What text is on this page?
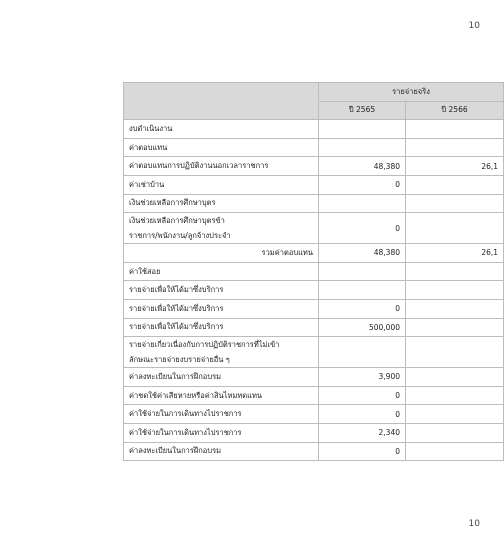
10
	รายจ่ายจริง	
	ปี 2565	ปี 2566
งบดำเนินงาน		
ค่าตอบแทน		
ค่าตอบแทนการปฏิบัติงานนอกเวลาราชการ	48,380	26,1
ค่าเช่าบ้าน	0	
เงินช่วยเหลือการศึกษาบุตร		

เงินช่วยเหลือการศึกษาบุตรข้า
ราชการ/พนักงาน/ลูกจ้างประจำ	0	
รวมค่าตอบแทน	48,380	26,1
ค่าใช้สอย		
รายจ่ายเพื่อให้ได้มาซึ่งบริการ		
รายจ่ายเพื่อให้ได้มาซึ่งบริการ	0	
รายจ่ายเพื่อให้ได้มาซึ่งบริการ	500,000	

รายจ่ายเกี่ยวเนื่องกับการปฏิบัติราชการที่ไม่เข้า
ลักษณะรายจ่ายงบรายจ่ายอื่น ๆ		

ค่าลงทะเบียนในการฝึกอบรม	3,900	
ค่าชดใช้ค่าเสียหายหรือค่าสินไหมทดแทน	0	
ค่าใช้จ่ายในการเดินทางไปราชการ	0	
ค่าใช้จ่ายในการเดินทางไปราชการ	2,340	
ค่าลงทะเบียนในการฝึกอบรม	0	
10
